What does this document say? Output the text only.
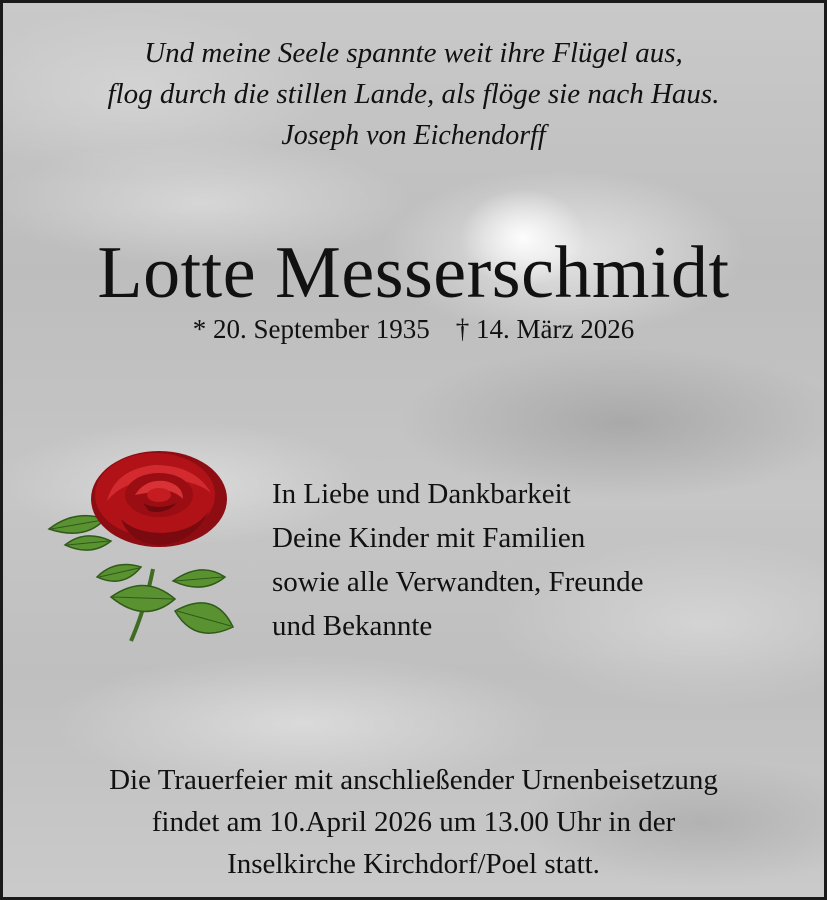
Und meine Seele spannte weit ihre Flügel aus,
flog durch die stillen Lande, als flöge sie nach Haus.
Joseph von Eichendorff
Lotte Messerschmidt
* 20. September 1935 † 14. März 2026
In Liebe und Dankbarkeit
Deine Kinder mit Familien
sowie alle Verwandten, Freunde
und Bekannte
Die Trauerfeier mit anschließender Urnenbeisetzung
findet am 10.April 2026 um 13.00 Uhr in der
Inselkirche Kirchdorf/Poel statt.
